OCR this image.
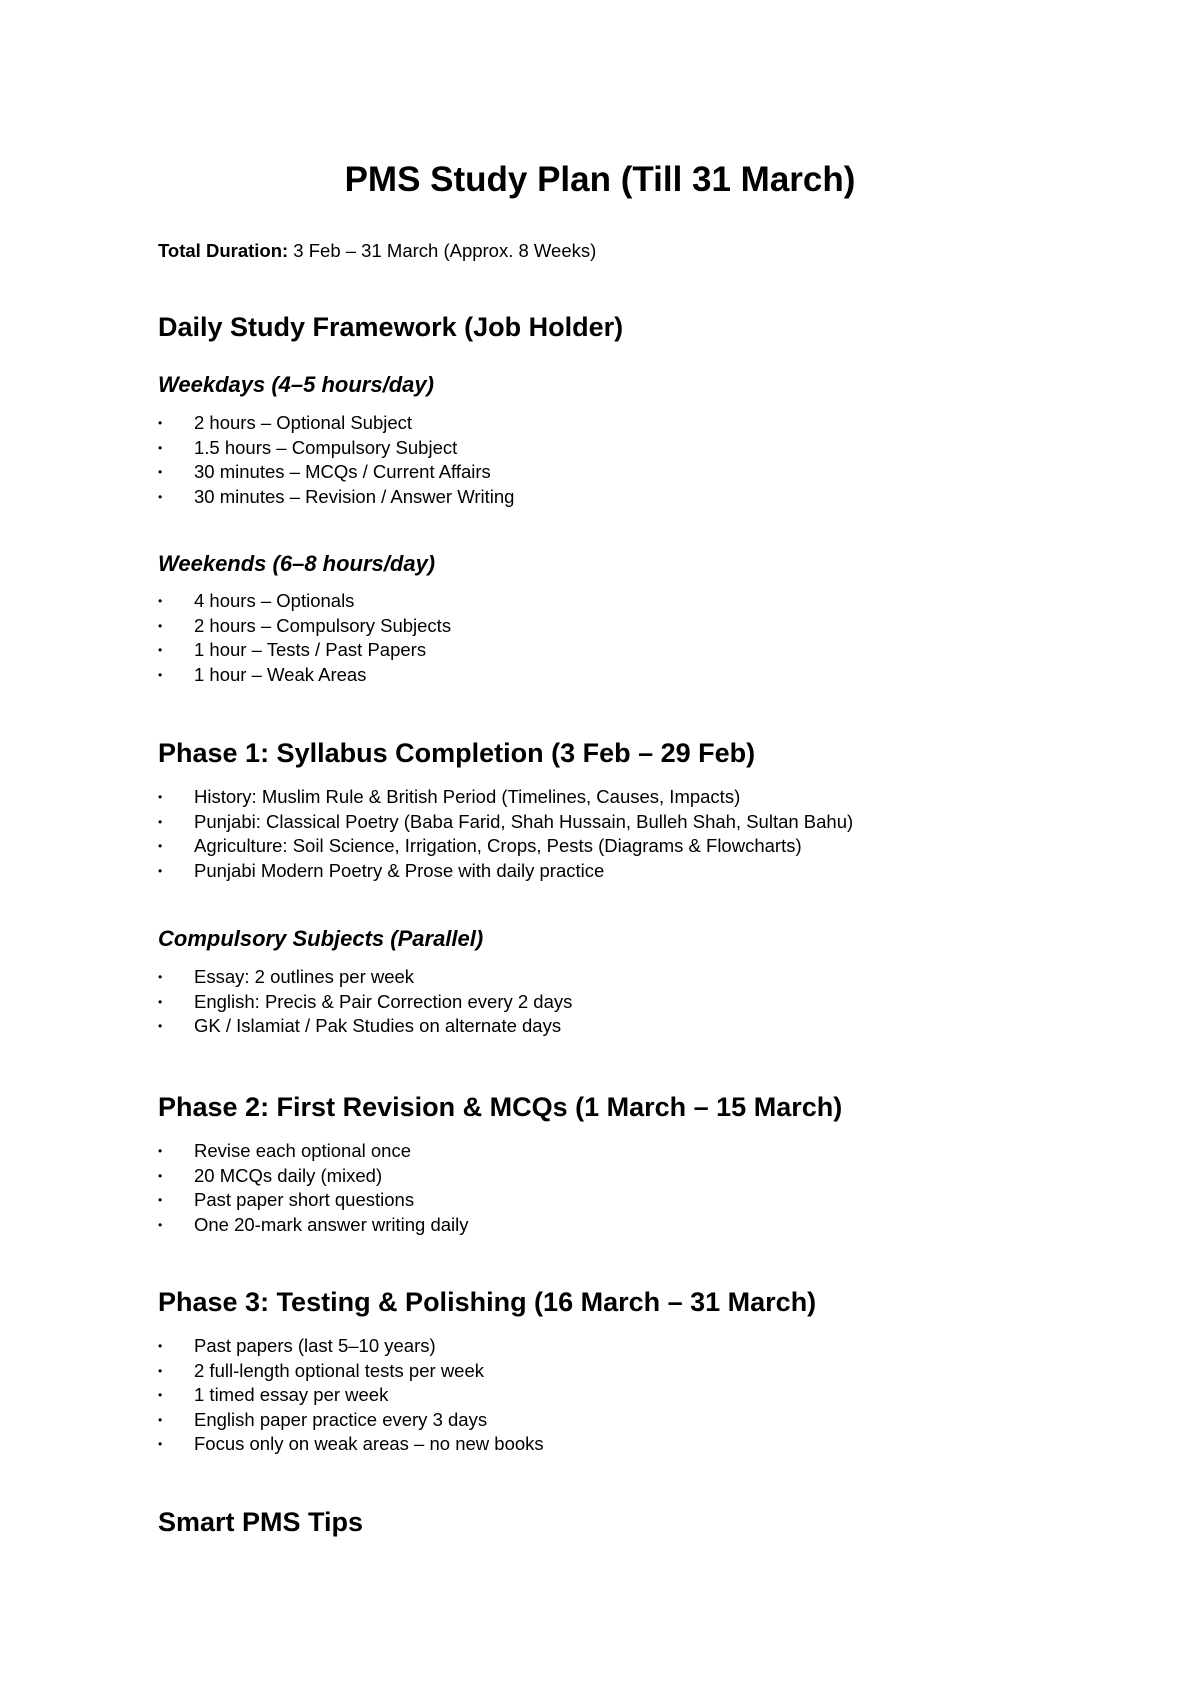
PMS Study Plan (Till 31 March)

Total Duration: 3 Feb – 31 March (Approx. 8 Weeks)

Daily Study Framework (Job Holder)
Weekdays (4–5 hours/day)
•	2 hours – Optional Subject
•	1.5 hours – Compulsory Subject
•	30 minutes – MCQs / Current Affairs
•	30 minutes – Revision / Answer Writing
Weekends (6–8 hours/day)
•	4 hours – Optionals
•	2 hours – Compulsory Subjects
•	1 hour – Tests / Past Papers
•	1 hour – Weak Areas
Phase 1: Syllabus Completion (3 Feb – 29 Feb)
•	History: Muslim Rule & British Period (Timelines, Causes, Impacts)
•	Punjabi: Classical Poetry (Baba Farid, Shah Hussain, Bulleh Shah, Sultan Bahu)
•	Agriculture: Soil Science, Irrigation, Crops, Pests (Diagrams & Flowcharts)
•	Punjabi Modern Poetry & Prose with daily practice
Compulsory Subjects (Parallel)
•	Essay: 2 outlines per week
•	English: Precis & Pair Correction every 2 days
•	GK / Islamiat / Pak Studies on alternate days
Phase 2: First Revision & MCQs (1 March – 15 March)
•	Revise each optional once
•	20 MCQs daily (mixed)
•	Past paper short questions
•	One 20-mark answer writing daily
Phase 3: Testing & Polishing (16 March – 31 March)
•	Past papers (last 5–10 years)
•	2 full-length optional tests per week
•	1 timed essay per week
•	English paper practice every 3 days
•	Focus only on weak areas – no new books
Smart PMS Tips
